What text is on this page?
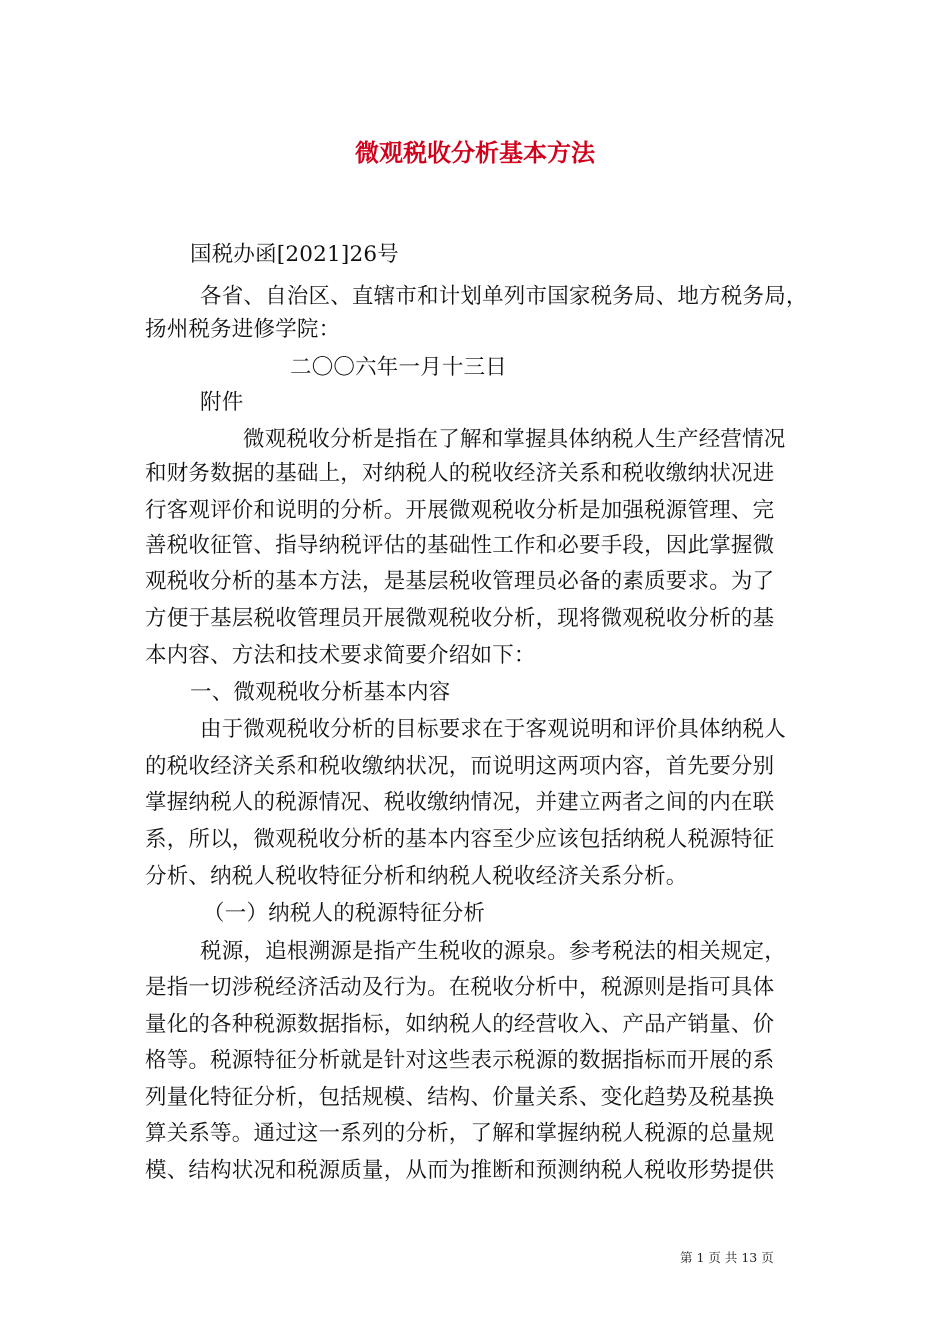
微观税收分析基本方法
国税办函[2021]26号
各省、自治区、直辖市和计划单列市国家税务局、地方税务局，
扬州税务进修学院：
二〇〇六年一月十三日
附件
微观税收分析是指在了解和掌握具体纳税人生产经营情况
和财务数据的基础上，对纳税人的税收经济关系和税收缴纳状况进
行客观评价和说明的分析。开展微观税收分析是加强税源管理、完
善税收征管、指导纳税评估的基础性工作和必要手段，因此掌握微
观税收分析的基本方法，是基层税收管理员必备的素质要求。为了
方便于基层税收管理员开展微观税收分析，现将微观税收分析的基
本内容、方法和技术要求简要介绍如下：
一、微观税收分析基本内容
由于微观税收分析的目标要求在于客观说明和评价具体纳税人
的税收经济关系和税收缴纳状况，而说明这两项内容，首先要分别
掌握纳税人的税源情况、税收缴纳情况，并建立两者之间的内在联
系，所以，微观税收分析的基本内容至少应该包括纳税人税源特征
分析、纳税人税收特征分析和纳税人税收经济关系分析。
（一）纳税人的税源特征分析
税源，追根溯源是指产生税收的源泉。参考税法的相关规定，
是指一切涉税经济活动及行为。在税收分析中，税源则是指可具体
量化的各种税源数据指标，如纳税人的经营收入、产品产销量、价
格等。税源特征分析就是针对这些表示税源的数据指标而开展的系
列量化特征分析，包括规模、结构、价量关系、变化趋势及税基换
算关系等。通过这一系列的分析，了解和掌握纳税人税源的总量规
模、结构状况和税源质量，从而为推断和预测纳税人税收形势提供
第 1 页 共 13 页
